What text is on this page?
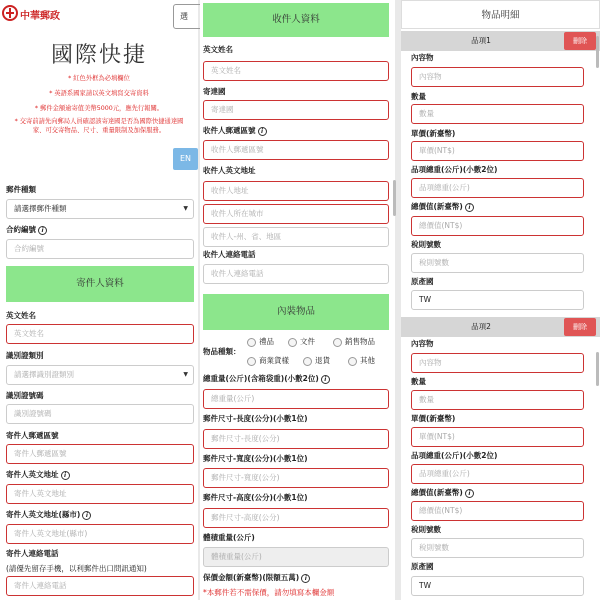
中華郵政
國際快捷
* 紅色外框為必填欄位
* 英語系國家請以英文填寫交寄資料
* 郵件金額逾寄值美幣5000元，應先行報關。
* 交寄前請先向郵局人員確認該寄達國是否為國際快捷通達國家、可交寄物品、尺寸、重量限制及加保服務。
郵件種類
請選擇郵件種類	▼
合約編號 i
合約編號
寄件人資料
英文姓名
英文姓名
識別證類別
請選擇識別證類別	▼
識別證號碼
識別證號碼
寄件人郵遞區號
寄件人郵遞區號
寄件人英文地址 i
寄件人英文地址
寄件人英文地址(縣市) i
寄件人英文地址(縣市)
寄件人連絡電話
(請優先留存手機，以利郵件出口問訊通知)
寄件人連絡電話
選
EN
收件人資料
英文姓名
英文姓名
寄達國
寄達國
收件人郵遞區號 i
收件人郵遞區號
收件人英文地址
收件人地址
收件人所在城市
收件人-州、省、地區
收件人連絡電話
收件人連絡電話
內裝物品
物品種類：
禮品	文件	銷售物品
商業貨樣	退貨	其他
總重量(公斤)(含箱袋重)(小數2位) i
總重量(公斤)
郵件尺寸-長度(公分)(小數1位)
郵件尺寸-長度(公分)
郵件尺寸-寬度(公分)(小數1位)
郵件尺寸-寬度(公分)
郵件尺寸-高度(公分)(小數1位)
郵件尺寸-高度(公分)
體積重量(公斤)
體積重量(公斤)
保價金額(新臺幣)(限額五萬) i
*本郵件若不需保價，請勿填寫本欄金額
物品明細
內容物
內容物
數量
數量
單價(新臺幣)
單價(NT$)
品項總重(公斤)(小數2位)
品項總重(公斤)
總價值(新臺幣) i
總價值(NT$)
稅則號數
稅則號數
原產國
TW
內容物
內容物
數量
數量
單價(新臺幣)
單價(NT$)
品項總重(公斤)(小數2位)
品項總重(公斤)
總價值(新臺幣) i
總價值(NT$)
稅則號數
稅則號數
原產國
TW
品項1	刪除
品項2	刪除
